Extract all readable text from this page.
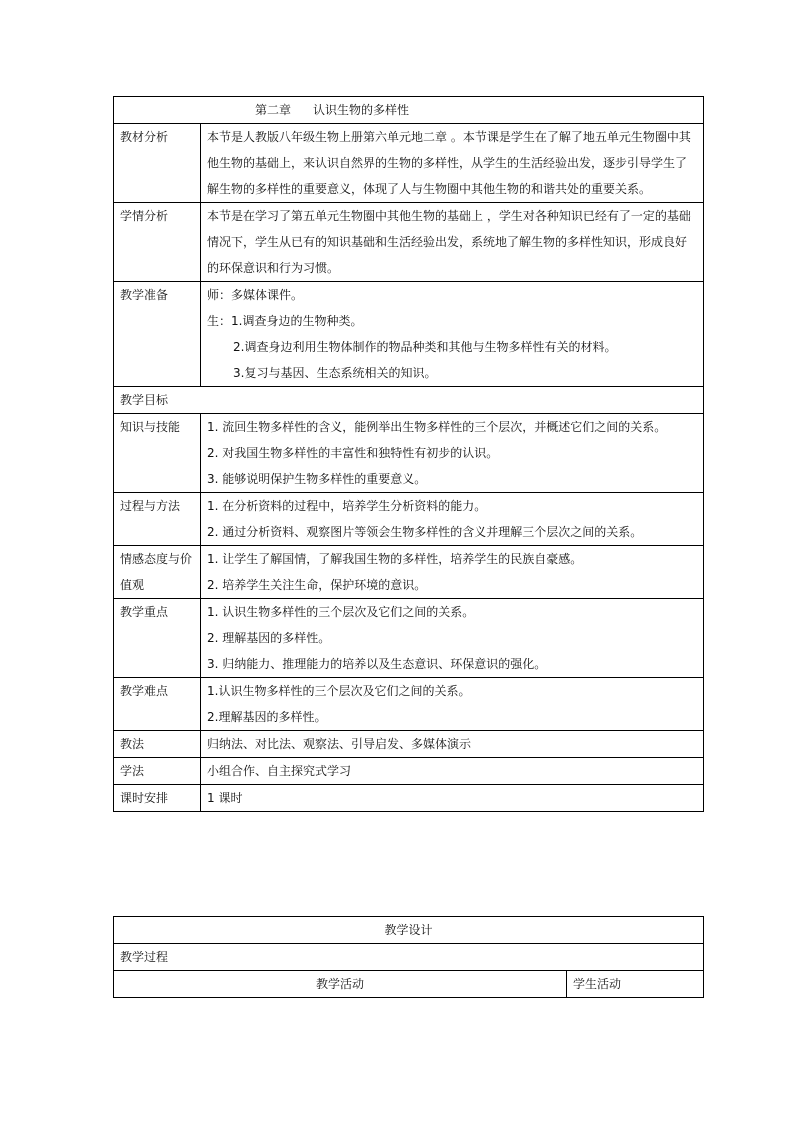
第二章 认识生物的多样性	
教材分析	本节是人教版八年级生物上册第六单元地二章 。本节课是学生在了解了地五单元生物圈中其他生物的基础上，来认识自然界的生物的多样性，从学生的生活经验出发，逐步引导学生了解生物的多样性的重要意义，体现了人与生物圈中其他生物的和谐共处的重要关系。
学情分析	本节是在学习了第五单元生物圈中其他生物的基础上 ，学生对各种知识已经有了一定的基础情况下，学生从已有的知识基础和生活经验出发，系统地了解生物的多样性知识，形成良好的环保意识和行为习惯。
教学准备	师：多媒体课件。
生：1.调查身边的生物种类。
2.调查身边利用生物体制作的物品种类和其他与生物多样性有关的材料。
3.复习与基因、生态系统相关的知识。

教学目标	
知识与技能	1. 流回生物多样性的含义，能例举出生物多样性的三个层次，并概述它们之间的关系。
2. 对我国生物多样性的丰富性和独特性有初步的认识。
3. 能够说明保护生物多样性的重要意义。

过程与方法	1. 在分析资料的过程中，培养学生分析资料的能力。
2. 通过分析资料、观察图片等领会生物多样性的含义并理解三个层次之间的关系。

情感态度与价值观	1. 让学生了解国情，了解我国生物的多样性，培养学生的民族自豪感。
2. 培养学生关注生命，保护环境的意识。

教学重点	1. 认识生物多样性的三个层次及它们之间的关系。
2. 理解基因的多样性。
3. 归纳能力、推理能力的培养以及生态意识、环保意识的强化。

教学难点	1.认识生物多样性的三个层次及它们之间的关系。
2.理解基因的多样性。

教法	归纳法、对比法、观察法、引导启发、多媒体演示
学法	小组合作、自主探究式学习
课时安排	1 课时
教学设计
教学过程
教学活动	学生活动
